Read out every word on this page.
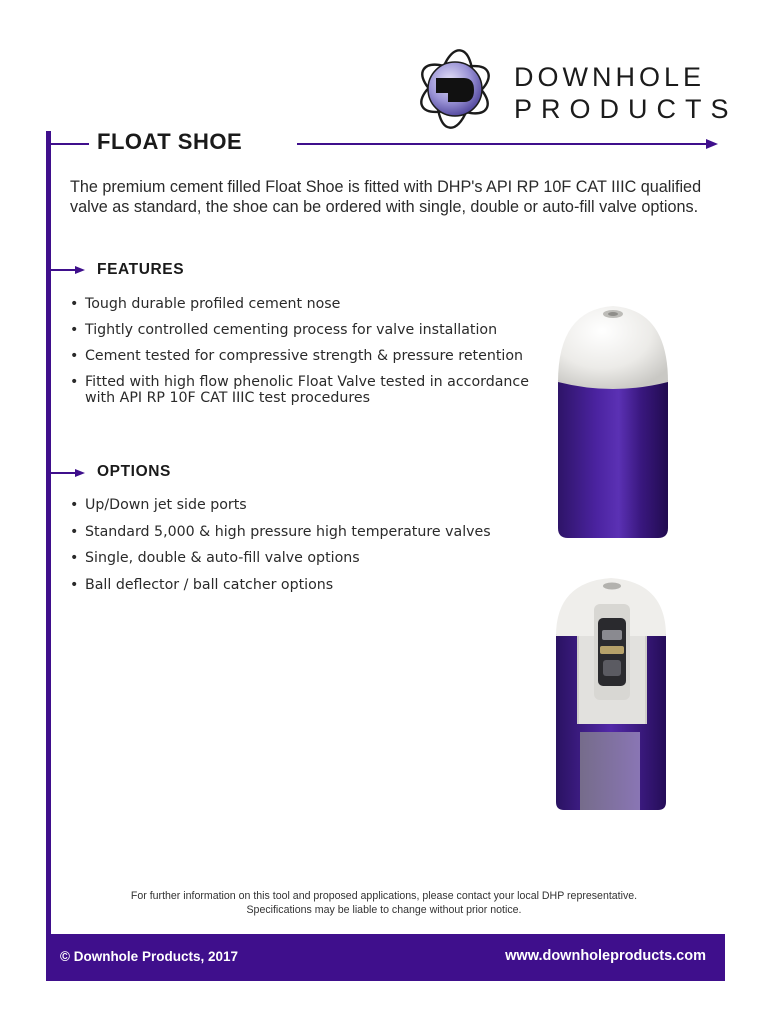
DOWNHOLE
PRODUCTS
FLOAT SHOE
The premium cement filled Float Shoe is fitted with DHP's API RP 10F CAT IIIC qualified valve as standard, the shoe can be ordered with single, double or auto-fill valve options.
FEATURES
• Tough durable profiled cement nose
• Tightly controlled cementing process for valve installation
• Cement tested for compressive strength & pressure retention
• Fitted with high flow phenolic Float Valve tested in accordance with API RP 10F CAT IIIC test procedures
OPTIONS
• Up/Down jet side ports
• Standard 5,000 & high pressure high temperature valves
• Single, double & auto-fill valve options
• Ball deflector / ball catcher options
For further information on this tool and proposed applications, please contact your local DHP representative. Specifications may be liable to change without prior notice.
© Downhole Products, 2017	www.downholeproducts.com
